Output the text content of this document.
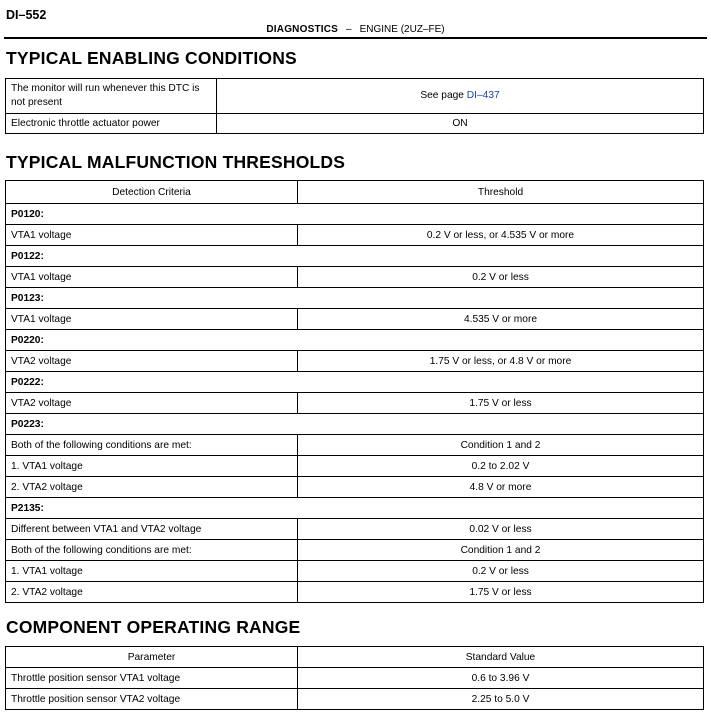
DI–552
DIAGNOSTICS – ENGINE (2UZ–FE)
TYPICAL ENABLING CONDITIONS
The monitor will run whenever this DTC is not present	See page DI–437
Electronic throttle actuator power	ON
TYPICAL MALFUNCTION THRESHOLDS
Detection Criteria	Threshold
P0120:	
VTA1 voltage	0.2 V or less, or 4.535 V or more
P0122:	
VTA1 voltage	0.2 V or less
P0123:	
VTA1 voltage	4.535 V or more
P0220:	
VTA2 voltage	1.75 V or less, or 4.8 V or more
P0222:	
VTA2 voltage	1.75 V or less
P0223:	
Both of the following conditions are met:	Condition 1 and 2
1. VTA1 voltage	0.2 to 2.02 V
2. VTA2 voltage	4.8 V or more
P2135:	
Different between VTA1 and VTA2 voltage	0.02 V or less
Both of the following conditions are met:	Condition 1 and 2
1. VTA1 voltage	0.2 V or less
2. VTA2 voltage	1.75 V or less
COMPONENT OPERATING RANGE
Parameter	Standard Value
Throttle position sensor VTA1 voltage	0.6 to 3.96 V
Throttle position sensor VTA2 voltage	2.25 to 5.0 V
